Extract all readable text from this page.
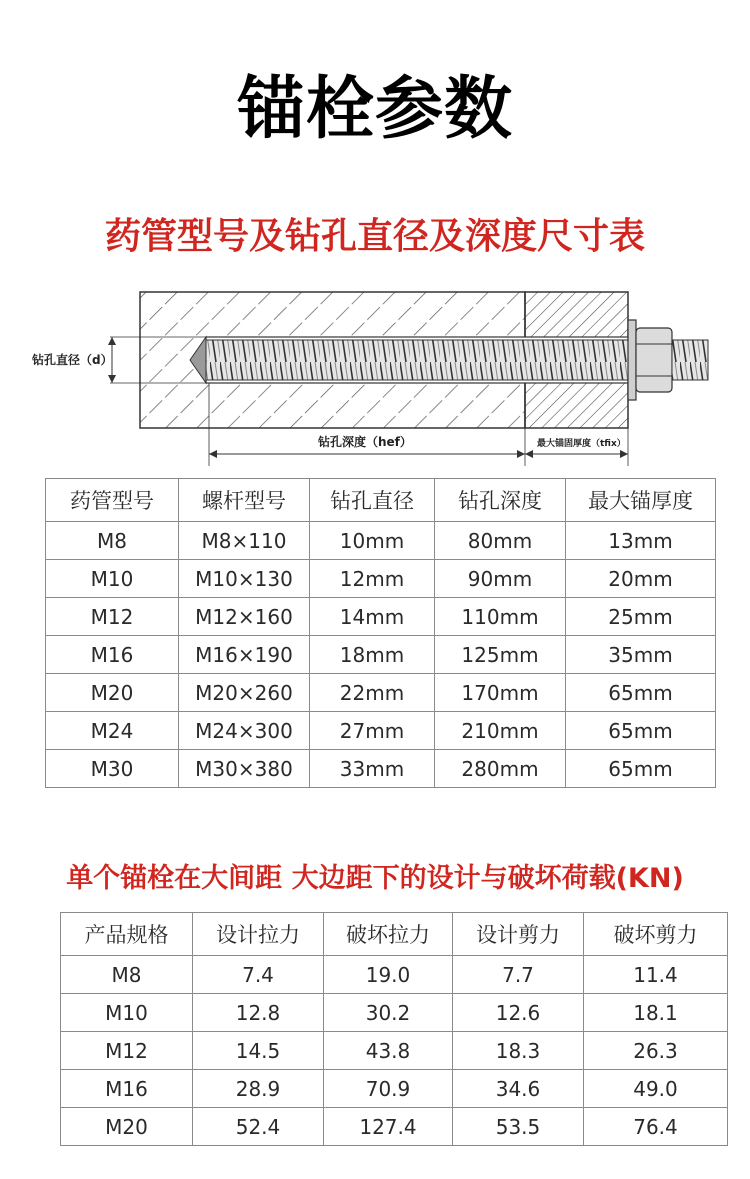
锚栓参数
药管型号及钻孔直径及深度尺寸表
钻孔直径（d）
钻孔深度（hef）	最大锚固厚度（tfix）
药管型号	螺杆型号	钻孔直径	钻孔深度	最大锚厚度
M8	M8×110	10mm	80mm	13mm
M10	M10×130	12mm	90mm	20mm
M12	M12×160	14mm	110mm	25mm
M16	M16×190	18mm	125mm	35mm
M20	M20×260	22mm	170mm	65mm
M24	M24×300	27mm	210mm	65mm
M30	M30×380	33mm	280mm	65mm
单个锚栓在大间距 大边距下的设计与破坏荷载(KN)
产品规格	设计拉力	破坏拉力	设计剪力	破坏剪力
M8	7.4	19.0	7.7	11.4
M10	12.8	30.2	12.6	18.1
M12	14.5	43.8	18.3	26.3
M16	28.9	70.9	34.6	49.0
M20	52.4	127.4	53.5	76.4
